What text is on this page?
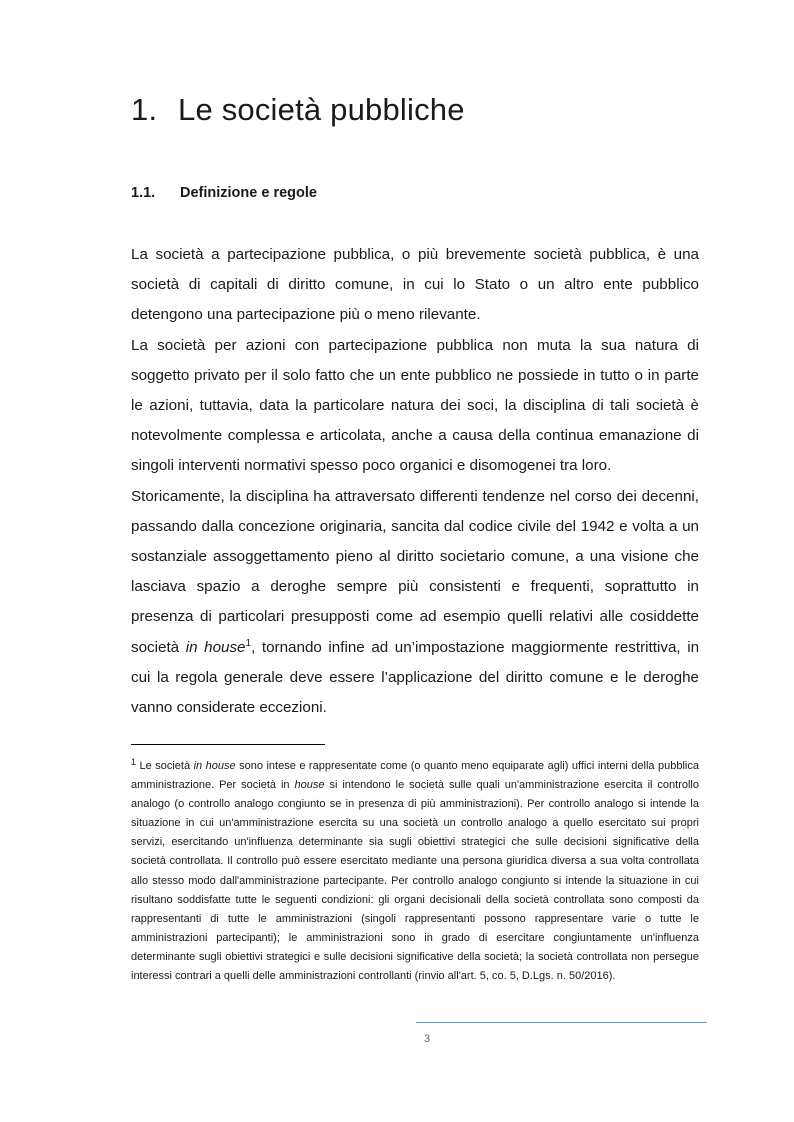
1. Le società pubbliche
1.1. Definizione e regole

La società a partecipazione pubblica, o più brevemente società pubblica, è una società di capitali di diritto comune, in cui lo Stato o un altro ente pubblico detengono una partecipazione più o meno rilevante.

La società per azioni con partecipazione pubblica non muta la sua natura di soggetto privato per il solo fatto che un ente pubblico ne possiede in tutto o in parte le azioni, tuttavia, data la particolare natura dei soci, la disciplina di tali società è notevolmente complessa e articolata, anche a causa della continua emanazione di singoli interventi normativi spesso poco organici e disomogenei tra loro.

Storicamente, la disciplina ha attraversato differenti tendenze nel corso dei decenni, passando dalla concezione originaria, sancita dal codice civile del 1942 e volta a un sostanziale assoggettamento pieno al diritto societario comune, a una visione che lasciava spazio a deroghe sempre più consistenti e frequenti, soprattutto in presenza di particolari presupposti come ad esempio quelli relativi alle cosiddette società in house$^1$, tornando infine ad un’impostazione maggiormente restrittiva, in cui la regola generale deve essere l’applicazione del diritto comune e le deroghe vanno considerate eccezioni.

$^1$ Le società in house sono intese e rappresentate come (o quanto meno equiparate agli) uffici interni della pubblica amministrazione. Per società in house si intendono le società sulle quali un'amministrazione esercita il controllo analogo (o controllo analogo congiunto se in presenza di più amministrazioni). Per controllo analogo si intende la situazione in cui un'amministrazione esercita su una società un controllo analogo a quello esercitato sui propri servizi, esercitando un'influenza determinante sia sugli obiettivi strategici che sulle decisioni significative della società controllata. Il controllo può essere esercitato mediante una persona giuridica diversa a sua volta controllata allo stesso modo dall'amministrazione partecipante. Per controllo analogo congiunto si intende la situazione in cui risultano soddisfatte tutte le seguenti condizioni: gli organi decisionali della società controllata sono composti da rappresentanti di tutte le amministrazioni (singoli rappresentanti possono rappresentare varie o tutte le amministrazioni partecipanti); le amministrazioni sono in grado di esercitare congiuntamente un'influenza determinante sugli obiettivi strategici e sulle decisioni significative della società; la società controllata non persegue interessi contrari a quelli delle amministrazioni controllanti (rinvio all'art. 5, co. 5, D.Lgs. n. 50/2016).
3
